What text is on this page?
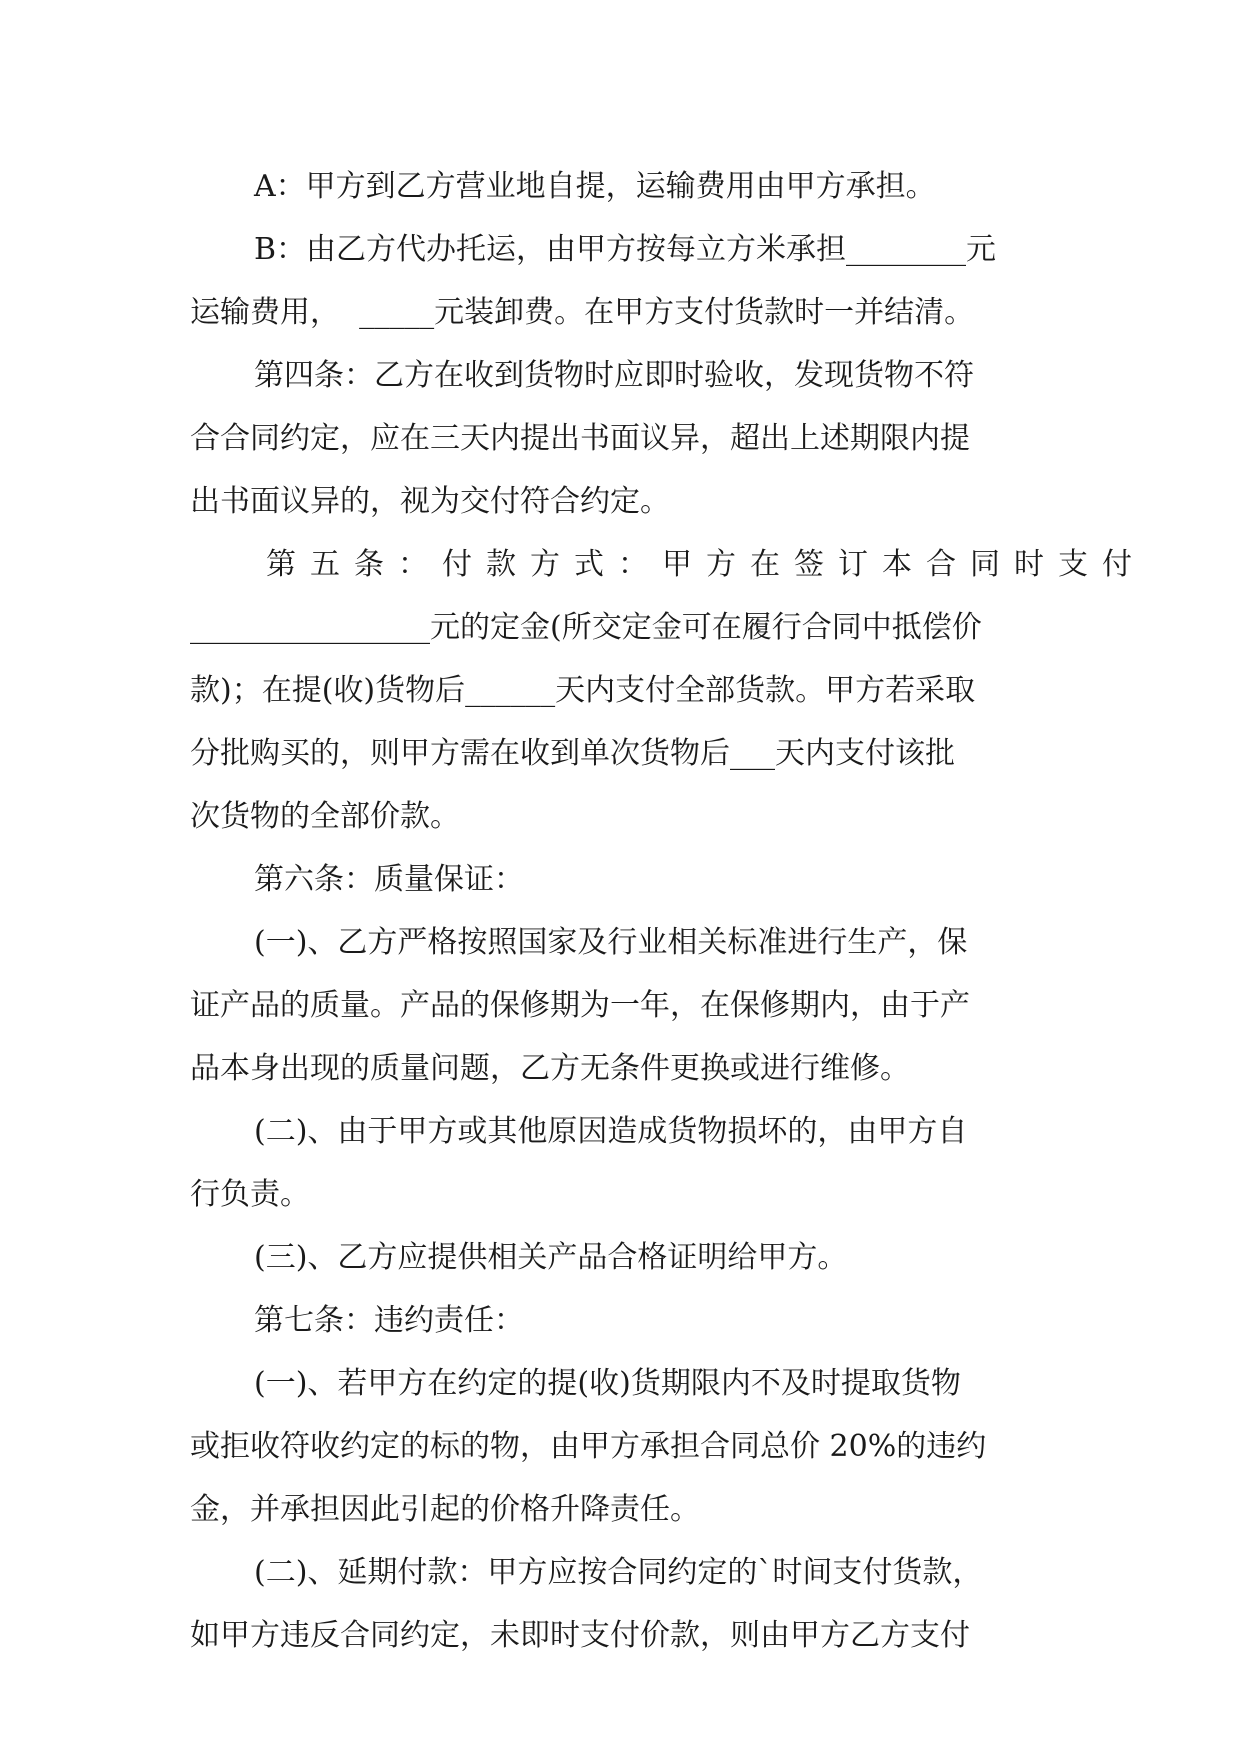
A：甲方到乙方营业地自提，运输费用由甲方承担。
B：由乙方代办托运，由甲方按每立方米承担________元
运输费用，  _____元装卸费。在甲方支付货款时一并结清。
第四条：乙方在收到货物时应即时验收，发现货物不符
合合同约定，应在三天内提出书面议异，超出上述期限内提
出书面议异的，视为交付符合约定。
第五条：付款方式：甲方在签订本合同时支付
________________元的定金(所交定金可在履行合同中抵偿价
款)；在提(收)货物后______天内支付全部货款。甲方若采取
分批购买的，则甲方需在收到单次货物后___天内支付该批
次货物的全部价款。
第六条：质量保证：
(一)、乙方严格按照国家及行业相关标准进行生产，保
证产品的质量。产品的保修期为一年，在保修期内，由于产
品本身出现的质量问题，乙方无条件更换或进行维修。
(二)、由于甲方或其他原因造成货物损坏的，由甲方自
行负责。
(三)、乙方应提供相关产品合格证明给甲方。
第七条：违约责任：
(一)、若甲方在约定的提(收)货期限内不及时提取货物
或拒收符收约定的标的物，由甲方承担合同总价 20%的违约
金，并承担因此引起的价格升降责任。
(二)、延期付款：甲方应按合同约定的`时间支付货款，
如甲方违反合同约定，未即时支付价款，则由甲方乙方支付
